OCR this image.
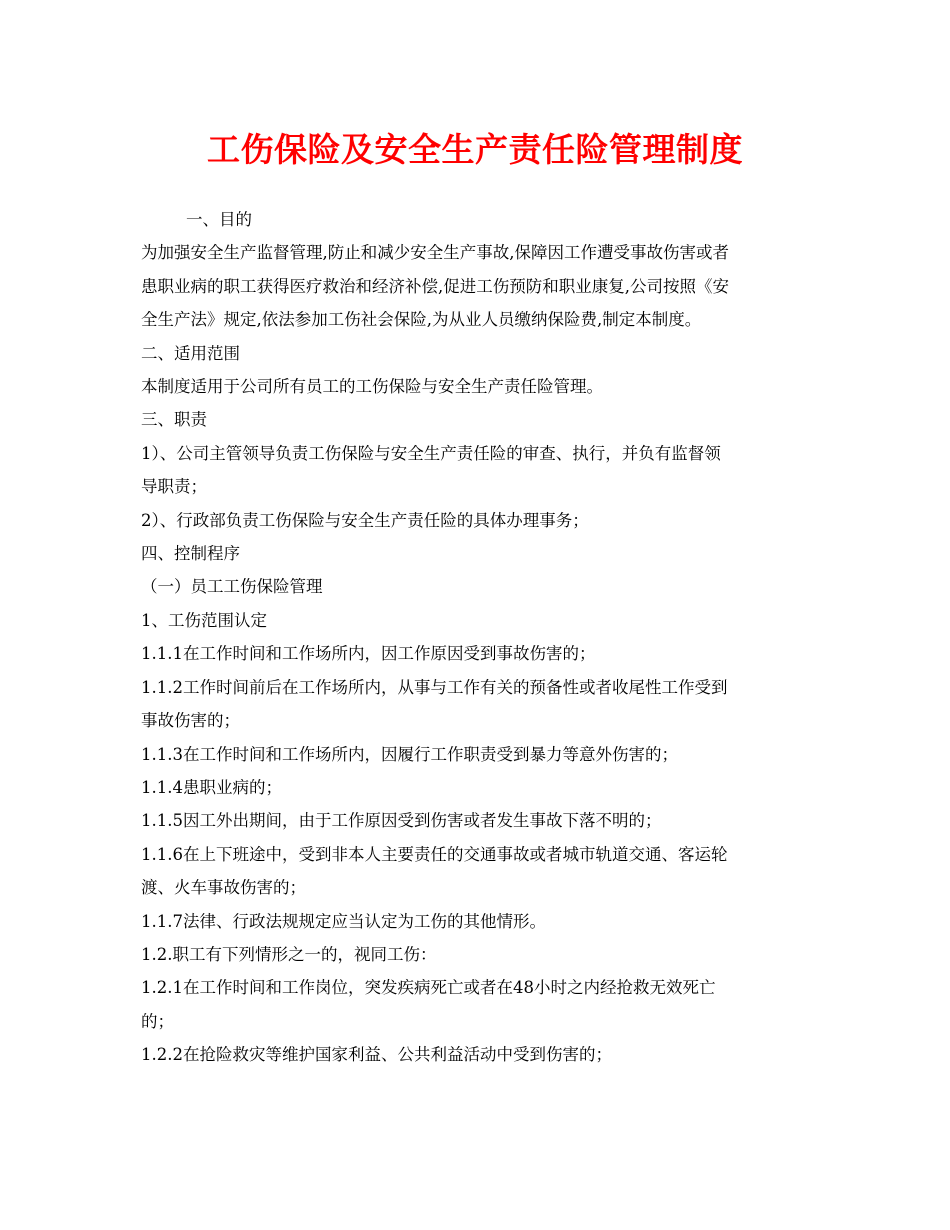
工伤保险及安全生产责任险管理制度
一、目的
为加强安全生产监督管理,防止和减少安全生产事故,保障因工作遭受事故伤害或者
患职业病的职工获得医疗救治和经济补偿,促进工伤预防和职业康复,公司按照《安
全生产法》规定,依法参加工伤社会保险,为从业人员缴纳保险费,制定本制度。
二、适用范围
本制度适用于公司所有员工的工伤保险与安全生产责任险管理。
三、职责
1）、公司主管领导负责工伤保险与安全生产责任险的审查、执行，并负有监督领
导职责；
2）、行政部负责工伤保险与安全生产责任险的具体办理事务；
四、控制程序
（一）员工工伤保险管理
1、工伤范围认定
1.1.1在工作时间和工作场所内，因工作原因受到事故伤害的；
1.1.2工作时间前后在工作场所内，从事与工作有关的预备性或者收尾性工作受到
事故伤害的；
1.1.3在工作时间和工作场所内，因履行工作职责受到暴力等意外伤害的；
1.1.4患职业病的；
1.1.5因工外出期间，由于工作原因受到伤害或者发生事故下落不明的；
1.1.6在上下班途中，受到非本人主要责任的交通事故或者城市轨道交通、客运轮
渡、火车事故伤害的；
1.1.7法律、行政法规规定应当认定为工伤的其他情形。
1.2.职工有下列情形之一的，视同工伤：
1.2.1在工作时间和工作岗位，突发疾病死亡或者在48小时之内经抢救无效死亡
的；
1.2.2在抢险救灾等维护国家利益、公共利益活动中受到伤害的；
